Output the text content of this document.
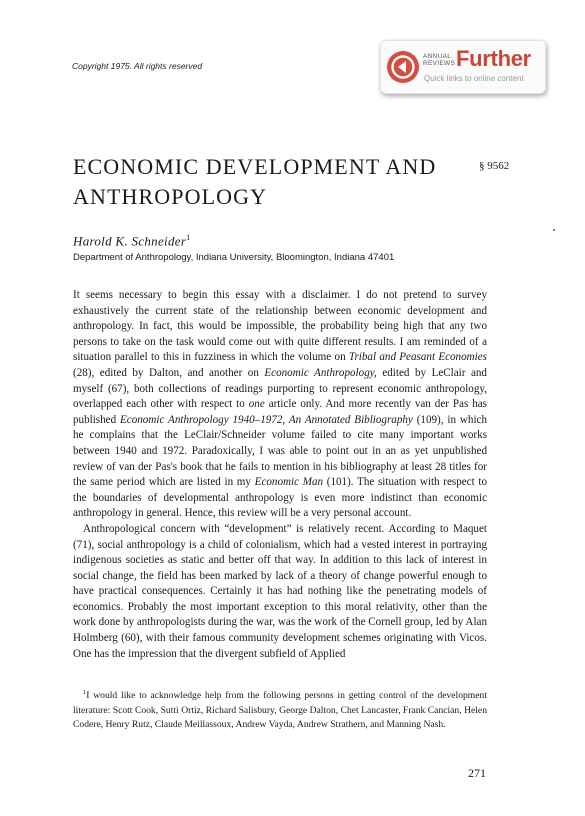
Copyright 1975. All rights reserved
ANNUAL
REVIEWS Further
Quick links to online content
ECONOMIC DEVELOPMENT AND
ANTHROPOLOGY
§ 9562
Harold K. Schneider$^1$
Department of Anthropology, Indiana University, Bloomington, Indiana 47401

It seems necessary to begin this essay with a disclaimer. I do not pretend to survey exhaustively the current state of the relationship between economic development and anthropology. In fact, this would be impossible, the probability being high that any two persons to take on the task would come out with quite different results. I am reminded of a situation parallel to this in fuzziness in which the volume on Tribal and Peasant Economies (28), edited by Dalton, and another on Economic Anthropology, edited by LeClair and myself (67), both collections of readings purporting to represent economic anthropology, overlapped each other with respect to one article only. And more recently van der Pas has published Economic Anthropology 1940–1972, An Annotated Bibliography (109), in which he complains that the LeClair/Schneider volume failed to cite many important works between 1940 and 1972. Paradoxically, I was able to point out in an as yet unpublished review of van der Pas's book that he fails to mention in his bibliography at least 28 titles for the same period which are listed in my Economic Man (101). The situation with respect to the boundaries of developmental anthropology is even more indistinct than economic anthropology in general. Hence, this review will be a very personal account.

Anthropological concern with “development” is relatively recent. According to Maquet (71), social anthropology is a child of colonialism, which had a vested interest in portraying indigenous societies as static and better off that way. In addition to this lack of interest in social change, the field has been marked by lack of a theory of change powerful enough to have practical consequences. Certainly it has had nothing like the penetrating models of economics. Probably the most important exception to this moral relativity, other than the work done by anthropologists during the war, was the work of the Cornell group, led by Alan Holmberg (60), with their famous community development schemes originating with Vicos. One has the impression that the divergent subfield of Applied

$^1$I would like to acknowledge help from the following persons in getting control of the development literature: Scott Cook, Sutti Ortiz, Richard Salisbury, George Dalton, Chet Lancaster, Frank Cancian, Helen Codere, Henry Rutz, Claude Meillassoux, Andrew Vayda, Andrew Strathern, and Manning Nash.

271
